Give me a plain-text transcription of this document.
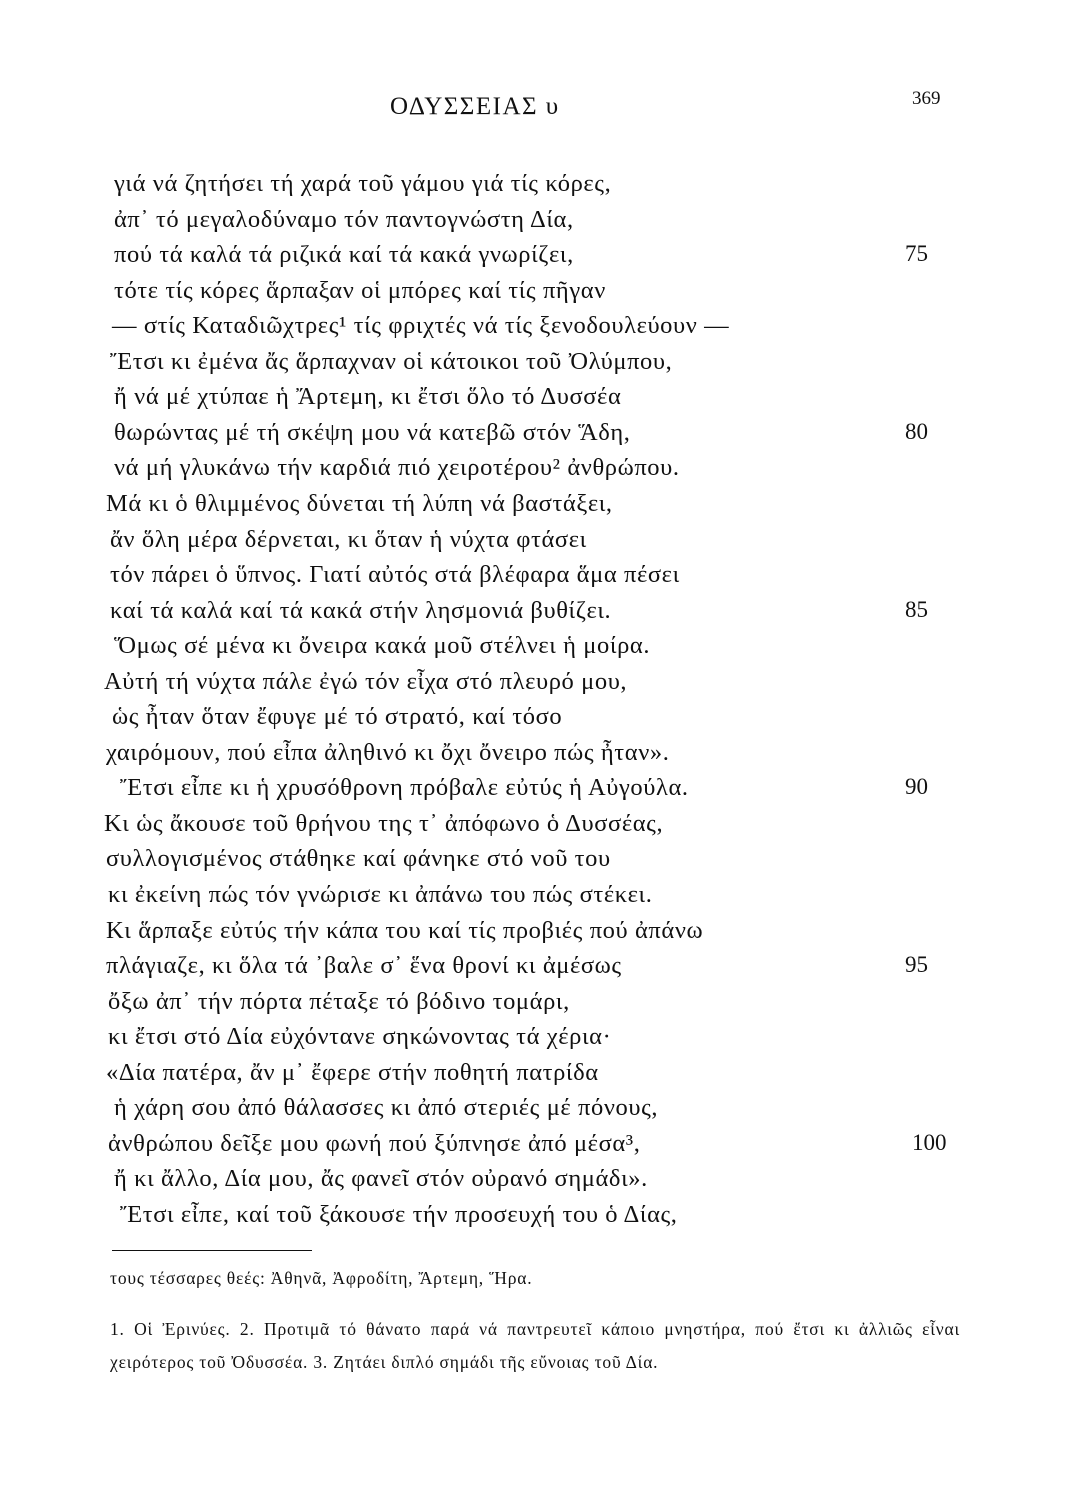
ΟΔΥΣΣΕΙΑΣ υ	369
γιά νά ζητήσει τή χαρά τοῦ γάμου γιά τίς κόρες,
ἀπ᾽ τό μεγαλοδύναμο τόν παντογνώστη Δία,
πού τά καλά τά ριζικά καί τά κακά γνωρίζει,	75
τότε τίς κόρες ἅρπαξαν οἱ μπόρες καί τίς πῆγαν
— στίς Καταδιῶχτρες¹ τίς φριχτές νά τίς ξενοδουλεύουν —
Ἔτσι κι ἐμένα ἄς ἅρπαχναν οἱ κάτοικοι τοῦ Ὀλύμπου,
ἤ νά μέ χτύπαε ἡ Ἄρτεμη, κι ἔτσι ὅλο τό Δυσσέα
θωρώντας μέ τή σκέψη μου νά κατεβῶ στόν Ἅδη,	80
νά μή γλυκάνω τήν καρδιά πιό χειροτέρου² ἀνθρώπου.
Μά κι ὁ θλιμμένος δύνεται τή λύπη νά βαστάξει,
ἄν ὅλη μέρα δέρνεται, κι ὅταν ἡ νύχτα φτάσει
τόν πάρει ὁ ὕπνος. Γιατί αὐτός στά βλέφαρα ἅμα πέσει
καί τά καλά καί τά κακά στήν λησμονιά βυθίζει.	85
Ὅμως σέ μένα κι ὄνειρα κακά μοῦ στέλνει ἡ μοίρα.
Αὐτή τή νύχτα πάλε ἐγώ τόν εἶχα στό πλευρό μου,
ὡς ἦταν ὅταν ἔφυγε μέ τό στρατό, καί τόσο
χαιρόμουν, πού εἶπα ἀληθινό κι ὄχι ὄνειρο πώς ἦταν».
Ἔτσι εἶπε κι ἡ χρυσόθρονη πρόβαλε εὐτύς ἡ Αὐγούλα.	90
Κι ὡς ἄκουσε τοῦ θρήνου της τ᾽ ἀπόφωνο ὁ Δυσσέας,
συλλογισμένος στάθηκε καί φάνηκε στό νοῦ του
κι ἐκείνη πώς τόν γνώρισε κι ἀπάνω του πώς στέκει.
Κι ἅρπαξε εὐτύς τήν κάπα του καί τίς προβιές πού ἀπάνω
πλάγιαζε, κι ὅλα τά ᾽βαλε σ᾽ ἕνα θρονί κι ἀμέσως	95
ὄξω ἀπ᾽ τήν πόρτα πέταξε τό βόδινο τομάρι,
κι ἔτσι στό Δία εὐχόντανε σηκώνοντας τά χέρια·
«Δία πατέρα, ἄν μ᾽ ἔφερε στήν ποθητή πατρίδα
ἡ χάρη σου ἀπό θάλασσες κι ἀπό στεριές μέ πόνους,
ἀνθρώπου δεῖξε μου φωνή πού ξύπνησε ἀπό μέσα³,	100
ἤ κι ἄλλο, Δία μου, ἄς φανεῖ στόν οὐρανό σημάδι».
Ἔτσι εἶπε, καί τοῦ ξάκουσε τήν προσευχή του ὁ Δίας,
τους τέσσαρες θεές: Ἀθηνᾶ, Ἀφροδίτη, Ἄρτεμη, Ἥρα.
1. Οἱ Ἐρινύες. 2. Προτιμᾶ τό θάνατο παρά νά παντρευτεῖ κάποιο μνηστήρα, πού ἔτσι κι ἀλλιῶς εἶναι χειρότερος τοῦ Ὀδυσσέα. 3. Ζητάει διπλό σημάδι τῆς εὔνοιας τοῦ Δία.
